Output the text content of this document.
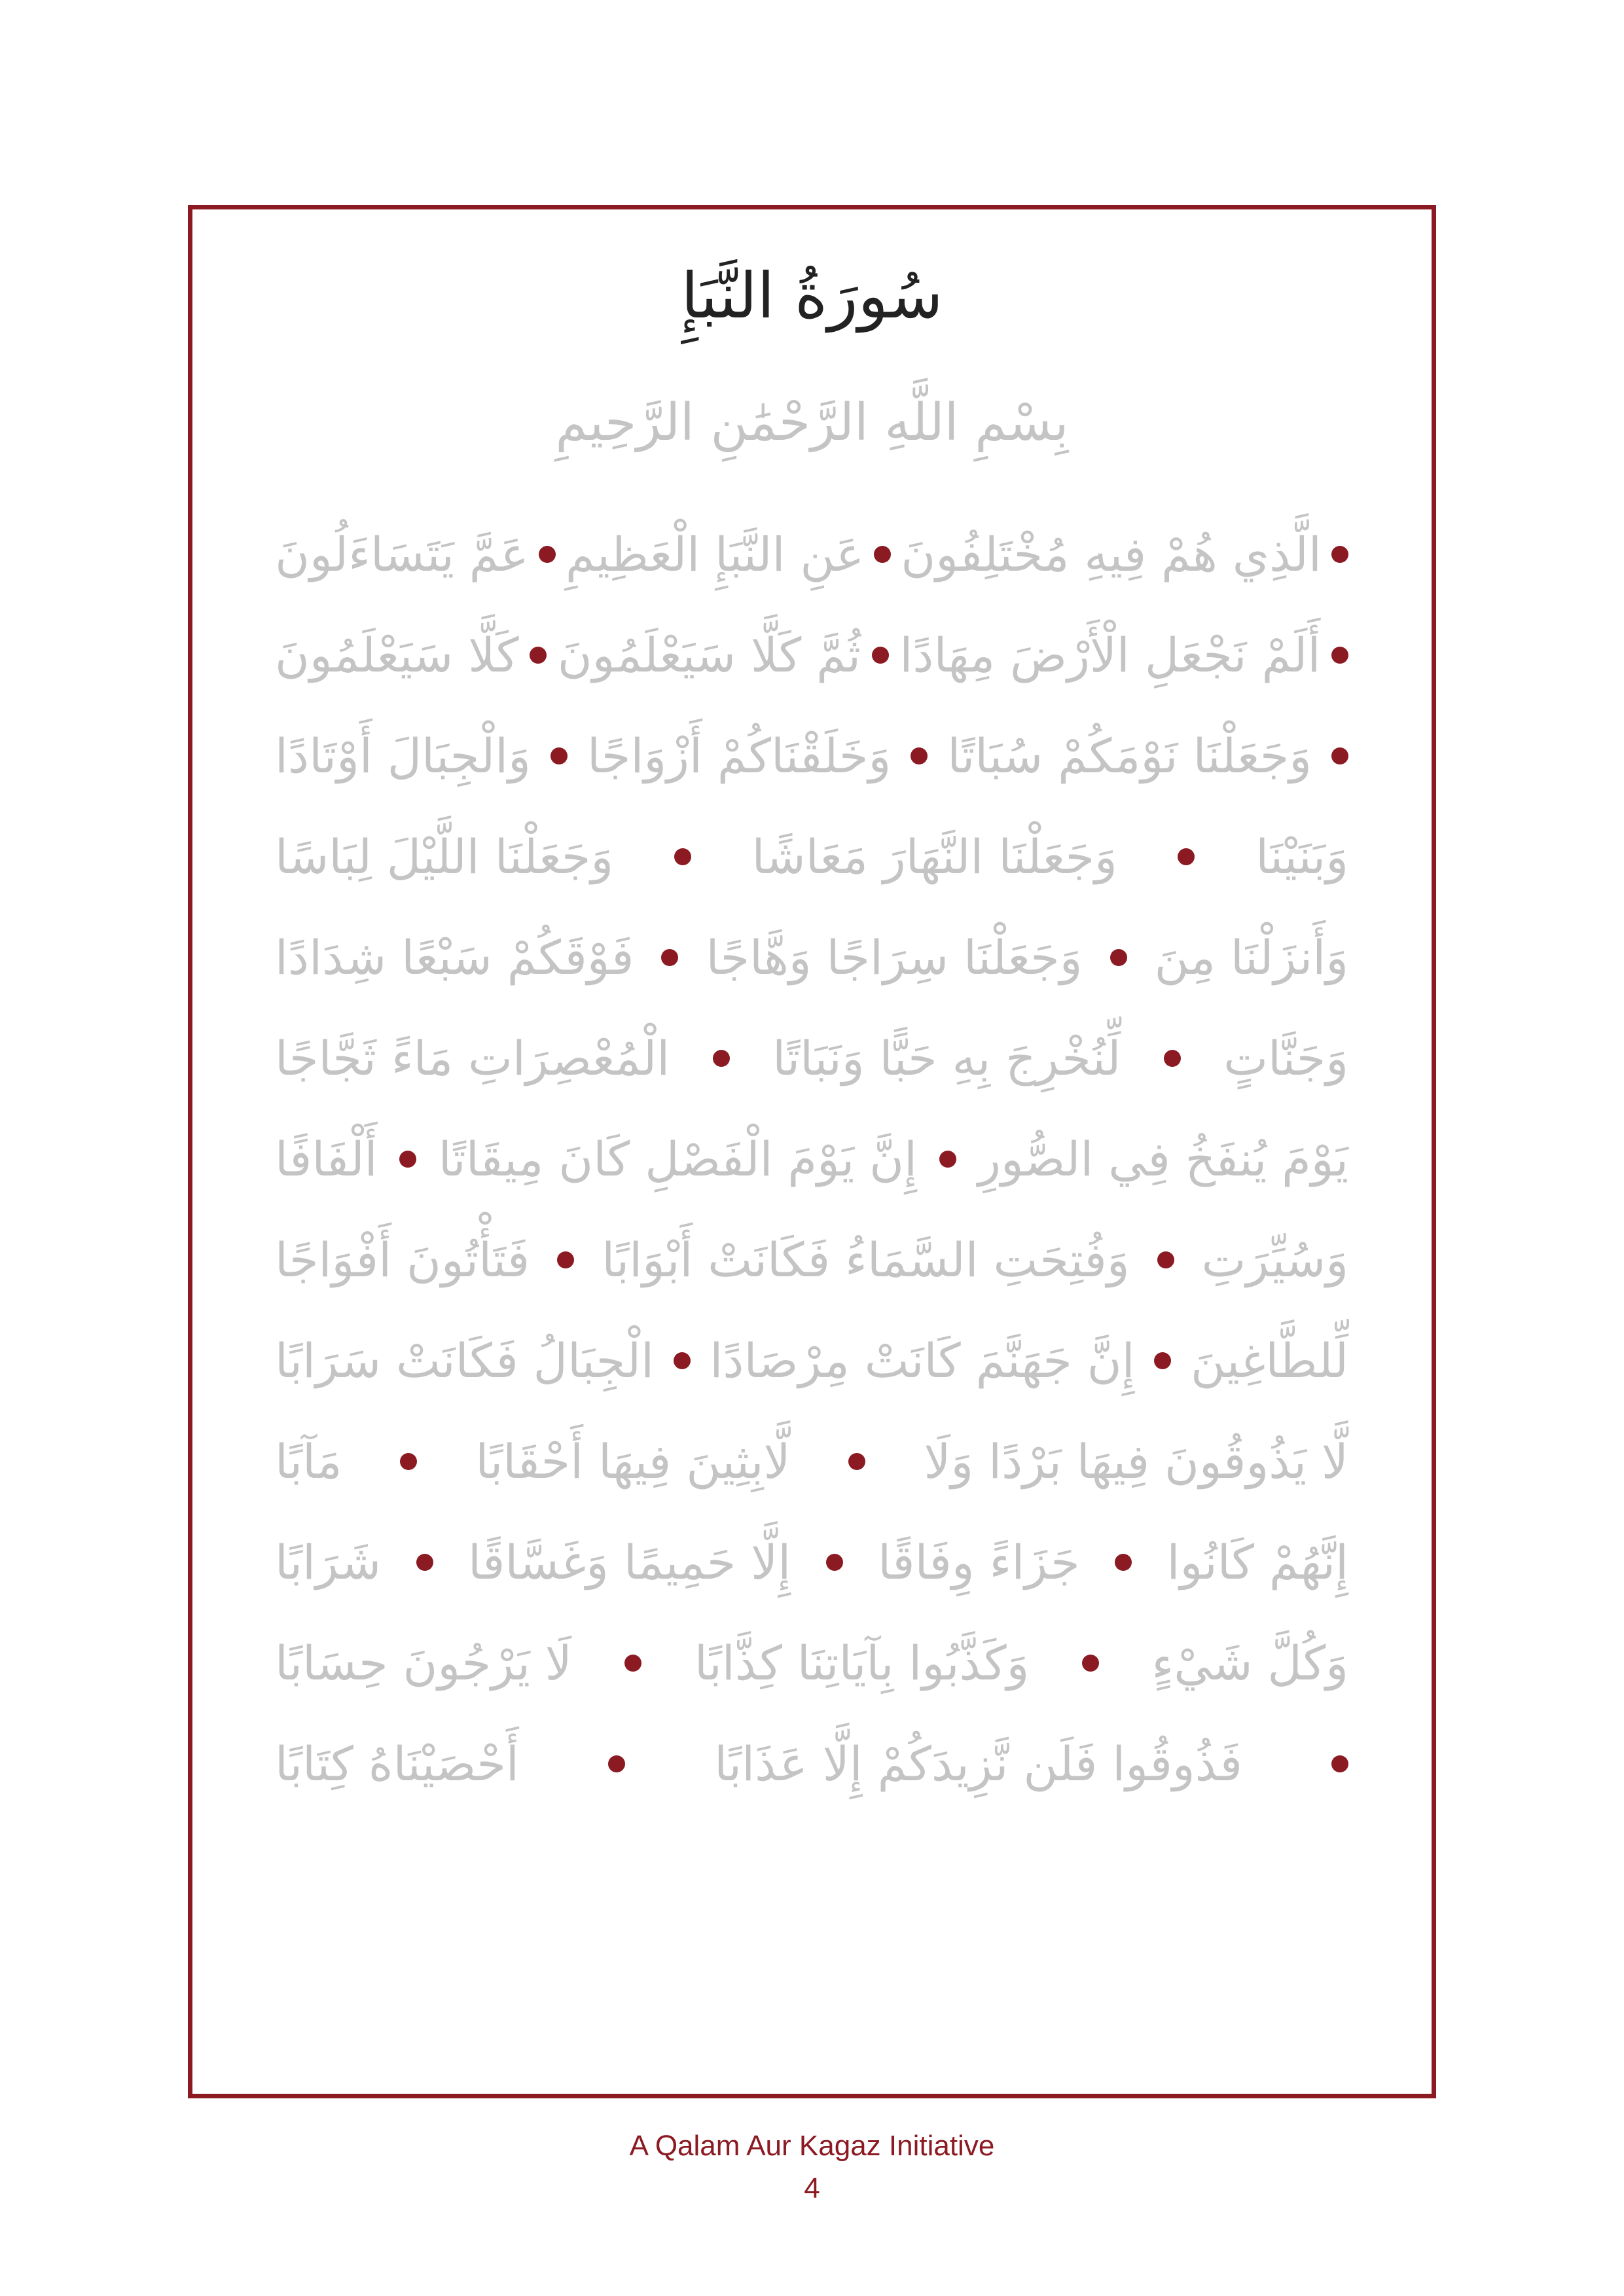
سُورَةُ النَّبَإِ
بِسْمِ اللَّهِ الرَّحْمَٰنِ الرَّحِيمِ
عَمَّ يَتَسَاءَلُونَ عَنِ النَّبَإِ الْعَظِيمِ الَّذِي هُمْ فِيهِ مُخْتَلِفُونَ
كَلَّا سَيَعْلَمُونَ ثُمَّ كَلَّا سَيَعْلَمُونَ أَلَمْ نَجْعَلِ الْأَرْضَ مِهَادًا
وَالْجِبَالَ أَوْتَادًا وَخَلَقْنَاكُمْ أَزْوَاجًا وَجَعَلْنَا نَوْمَكُمْ سُبَاتًا
وَجَعَلْنَا اللَّيْلَ لِبَاسًا	وَجَعَلْنَا النَّهَارَ مَعَاشًا	وَبَنَيْنَا
فَوْقَكُمْ سَبْعًا شِدَادًا وَجَعَلْنَا سِرَاجًا وَهَّاجًا وَأَنزَلْنَا مِنَ
الْمُعْصِرَاتِ مَاءً ثَجَّاجًا لِّنُخْرِجَ بِهِ حَبًّا وَنَبَاتًا وَجَنَّاتٍ
أَلْفَافًا إِنَّ يَوْمَ الْفَصْلِ كَانَ مِيقَاتًا يَوْمَ يُنفَخُ فِي الصُّورِ
فَتَأْتُونَ أَفْوَاجًا وَفُتِحَتِ السَّمَاءُ فَكَانَتْ أَبْوَابًا وَسُيِّرَتِ
الْجِبَالُ فَكَانَتْ سَرَابًا إِنَّ جَهَنَّمَ كَانَتْ مِرْصَادًا لِّلطَّاغِينَ
مَآبًا	لَّابِثِينَ فِيهَا أَحْقَابًا	لَّا يَذُوقُونَ فِيهَا بَرْدًا وَلَا
شَرَابًا إِلَّا حَمِيمًا وَغَسَّاقًا جَزَاءً وِفَاقًا إِنَّهُمْ كَانُوا
لَا يَرْجُونَ حِسَابًا	وَكَذَّبُوا بِآيَاتِنَا كِذَّابًا	وَكُلَّ شَيْءٍ
أَحْصَيْنَاهُ كِتَابًا	فَذُوقُوا فَلَن نَّزِيدَكُمْ إِلَّا عَذَابًا
A Qalam Aur Kagaz Initiative
4
